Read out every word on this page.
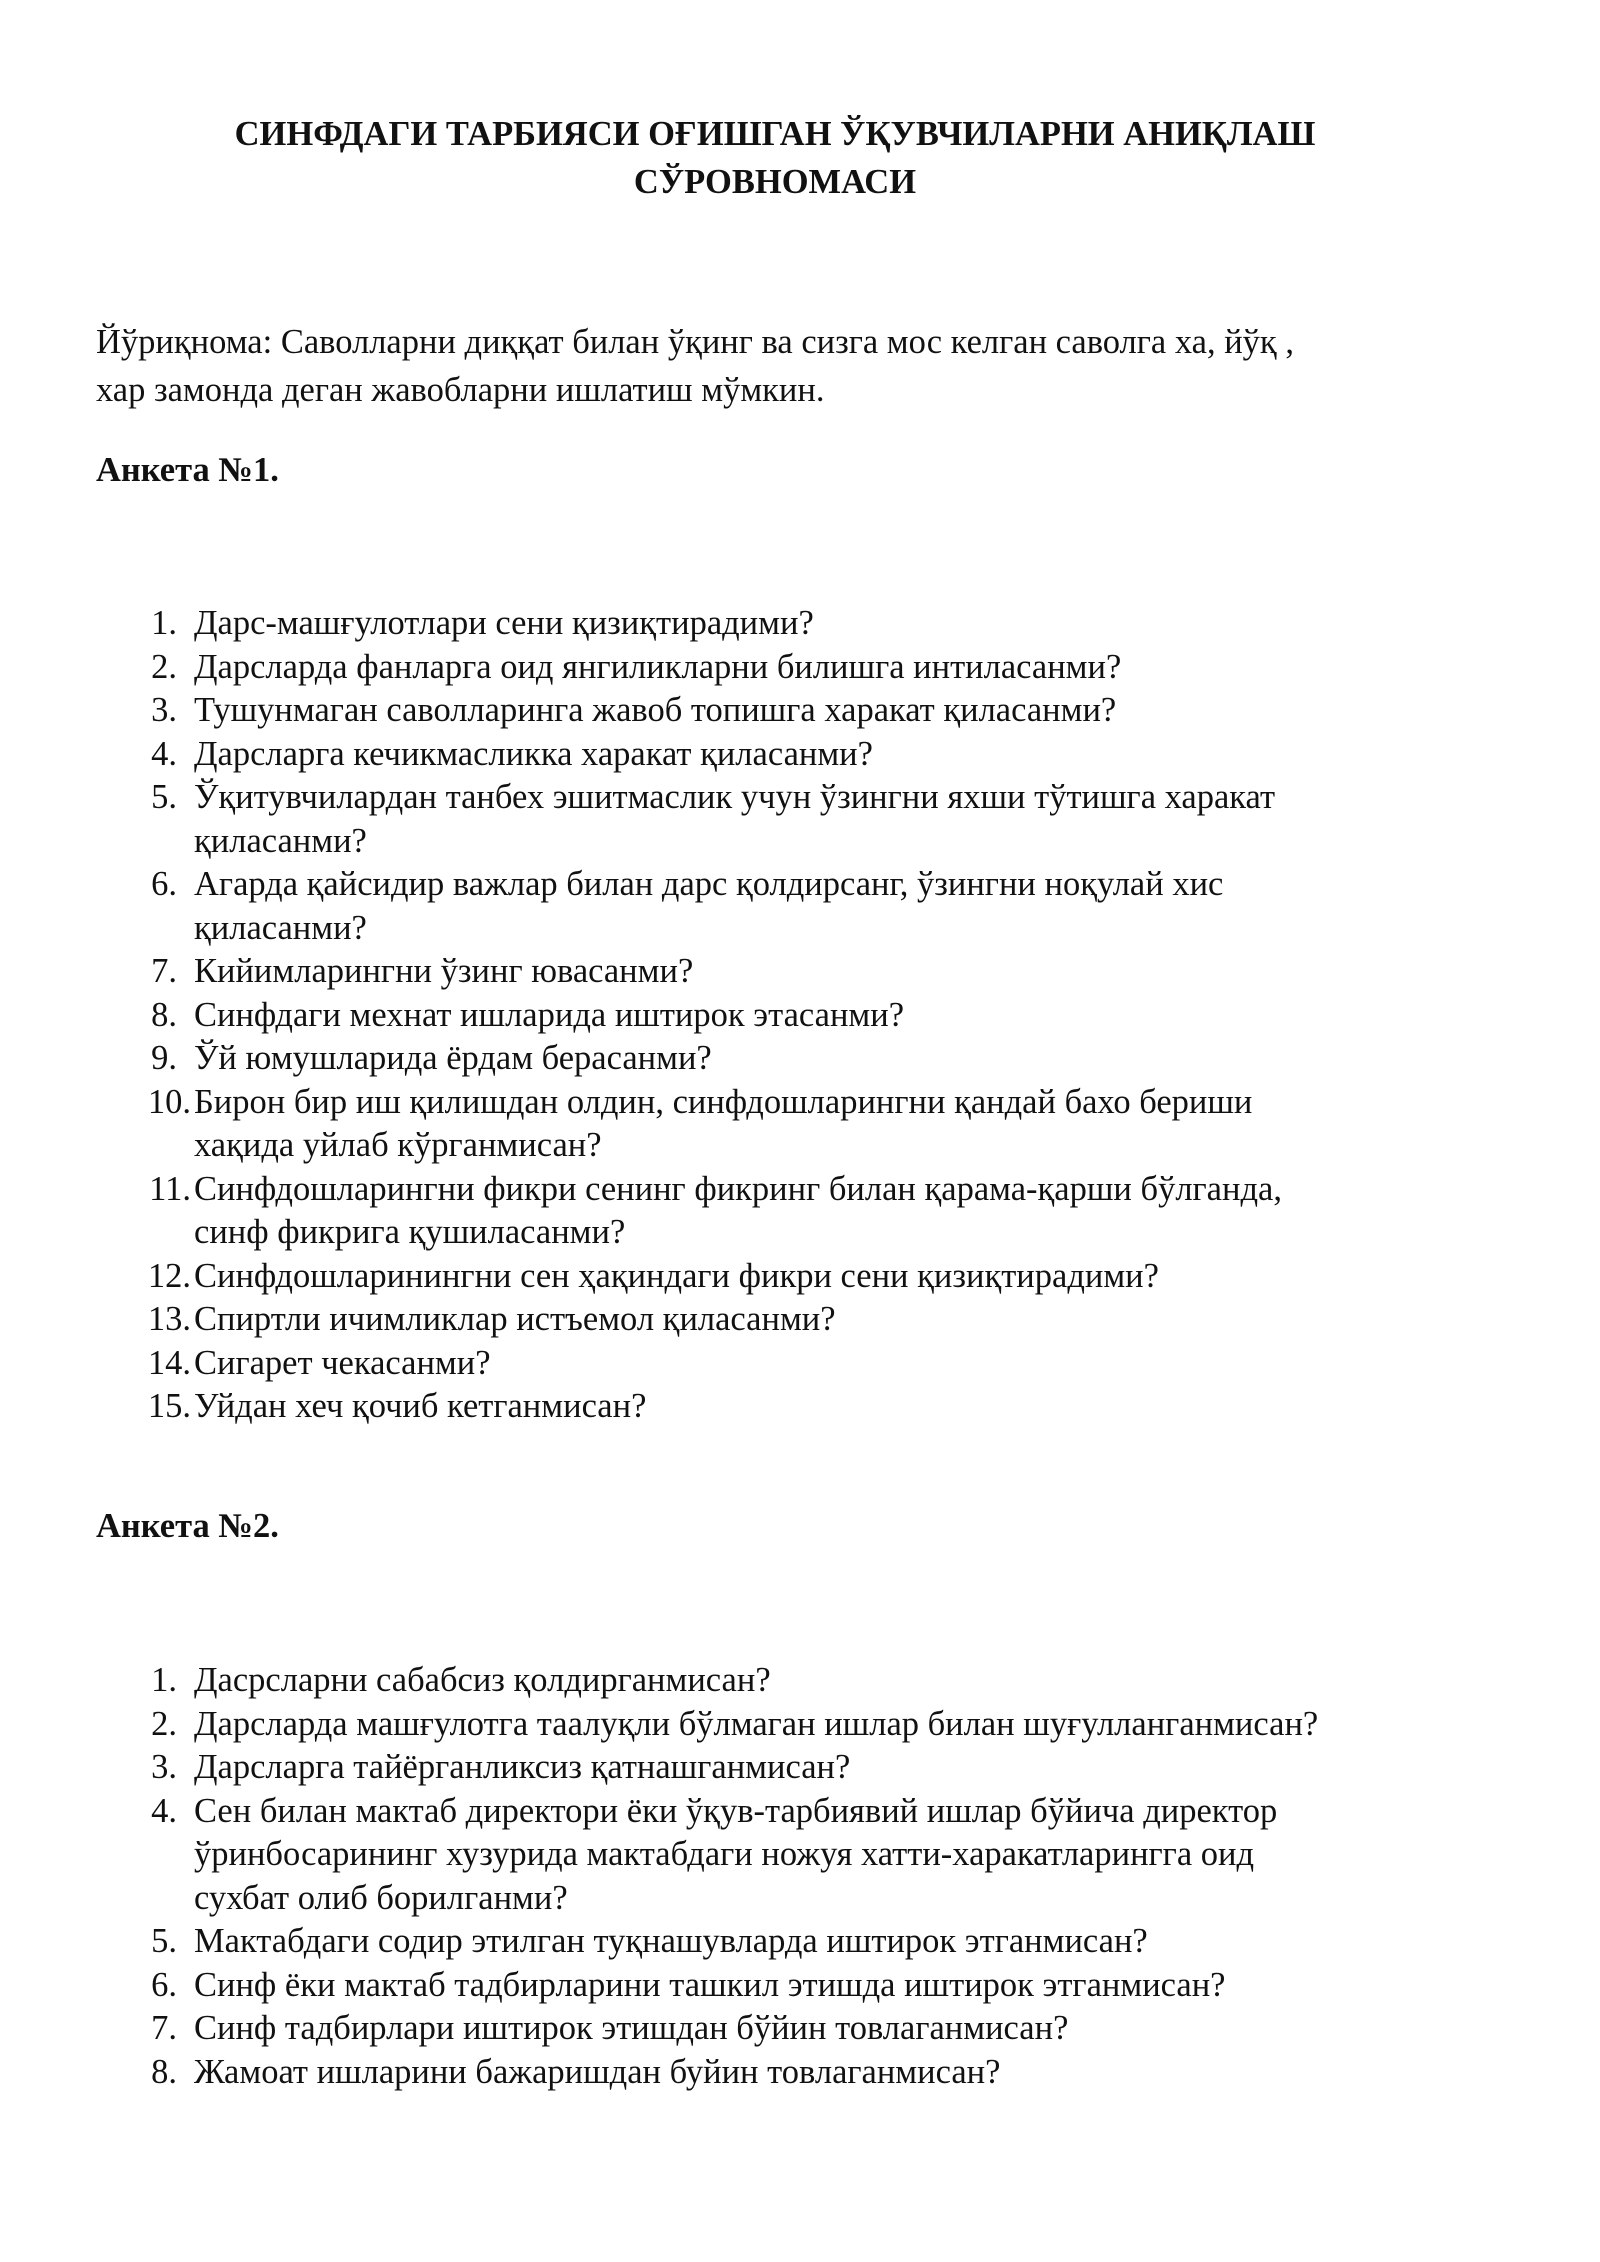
СИНФДАГИ ТАРБИЯСИ ОҒИШГАН ЎҚУВЧИЛАРНИ АНИҚЛАШ
СЎРОВНОМАСИ

Йўриқнома: Саволларни диққат билан ўқинг ва сизга мос келган саволга ха, йўқ ,
хар замонда деган жавобларни ишлатиш мўмкин.

Анкета №1.
1. Дарс-машғулотлари сени қизиқтирадими?
2. Дарсларда фанларга оид янгиликларни билишга интиласанми?
3. Тушунмаган саволларинга жавоб топишга харакат қиласанми?
4. Дарсларга кечикмасликка харакат қиласанми?
5. Ўқитувчилардан танбех эшитмаслик учун ўзингни яхши тўтишга харакат
қиласанми?
6. Агарда қайсидир важлар билан дарс қолдирсанг, ўзингни ноқулай хис
қиласанми?
7. Кийимларингни ўзинг ювасанми?
8. Синфдаги мехнат ишларида иштирок этасанми?
9. Ўй юмушларида ёрдам берасанми?
10. Бирон бир иш қилишдан олдин, синфдошларингни қандай бахо бериши
хақида уйлаб кўрганмисан?
11. Синфдошларингни фикри сенинг фикринг билан қарама-қарши бўлганда,
синф фикрига қушиласанми?
12. Синфдошларинингни сен ҳақиндаги фикри сени қизиқтирадими?
13. Спиртли ичимликлар истъемол қиласанми?
14. Сигарет чекасанми?
15. Уйдан хеч қочиб кетганмисан?
Анкета №2.
1. Дасрсларни сабабсиз қолдирганмисан?
2. Дарсларда машғулотга таалуқли бўлмаган ишлар билан шуғулланганмисан?
3. Дарсларга тайёрганликсиз қатнашганмисан?
4. Сен билан мактаб директори ёки ўқув-тарбиявий ишлар бўйича директор
ўринбосарининг хузурида мактабдаги ножуя хатти-харакатларингга оид
сухбат олиб борилганми?
5. Мактабдаги содир этилган туқнашувларда иштирок этганмисан?
6. Синф ёки мактаб тадбирларини ташкил этишда иштирок этганмисан?
7. Синф тадбирлари иштирок этишдан бўйин товлаганмисан?
8. Жамоат ишларини бажаришдан буйин товлаганмисан?
